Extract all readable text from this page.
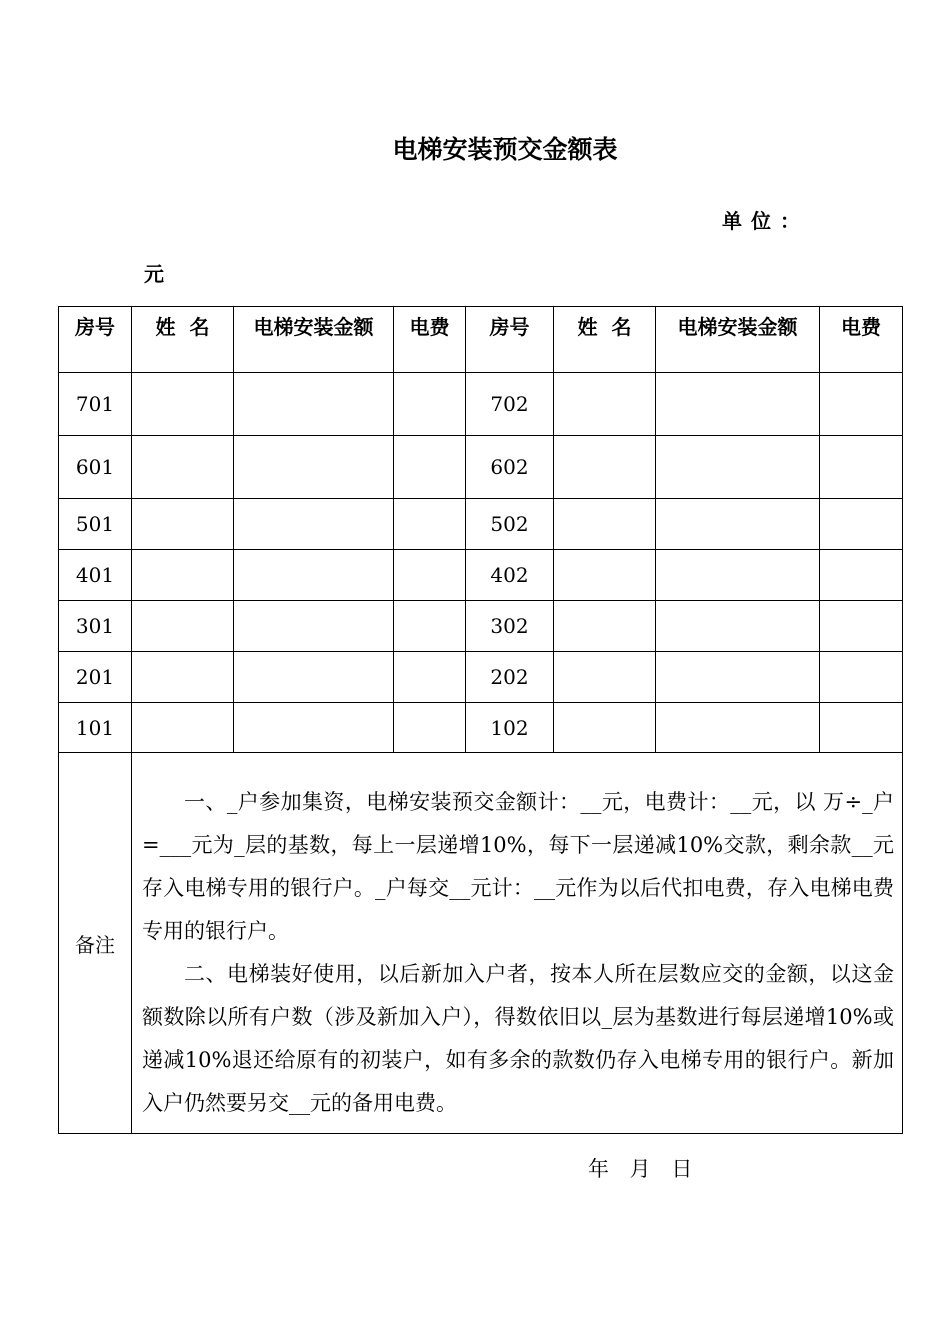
电梯安装预交金额表
单位：
元
房号	姓  名	电梯安装金额	电费	房号	姓  名	电梯安装金额	电费
701				702			
601				602			
501				502			
401				402			
301				302			
201				202			
101				102			
备注	一、_户参加集资，电梯安装预交金额计：__元，电费计：__元，以 万÷_户=___元为_层的基数，每上一层递增10%，每下一层递减10%交款，剩余款__元存入电梯专用的银行户。_户每交__元计：__元作为以后代扣电费，存入电梯电费专用的银行户。

二、电梯装好使用，以后新加入户者，按本人所在层数应交的金额，以这金额数除以所有户数（涉及新加入户），得数依旧以_层为基数进行每层递增10%或递减10%退还给原有的初装户，如有多余的款数仍存入电梯专用的银行户。新加入户仍然要另交__元的备用电费。						

年 月 日
